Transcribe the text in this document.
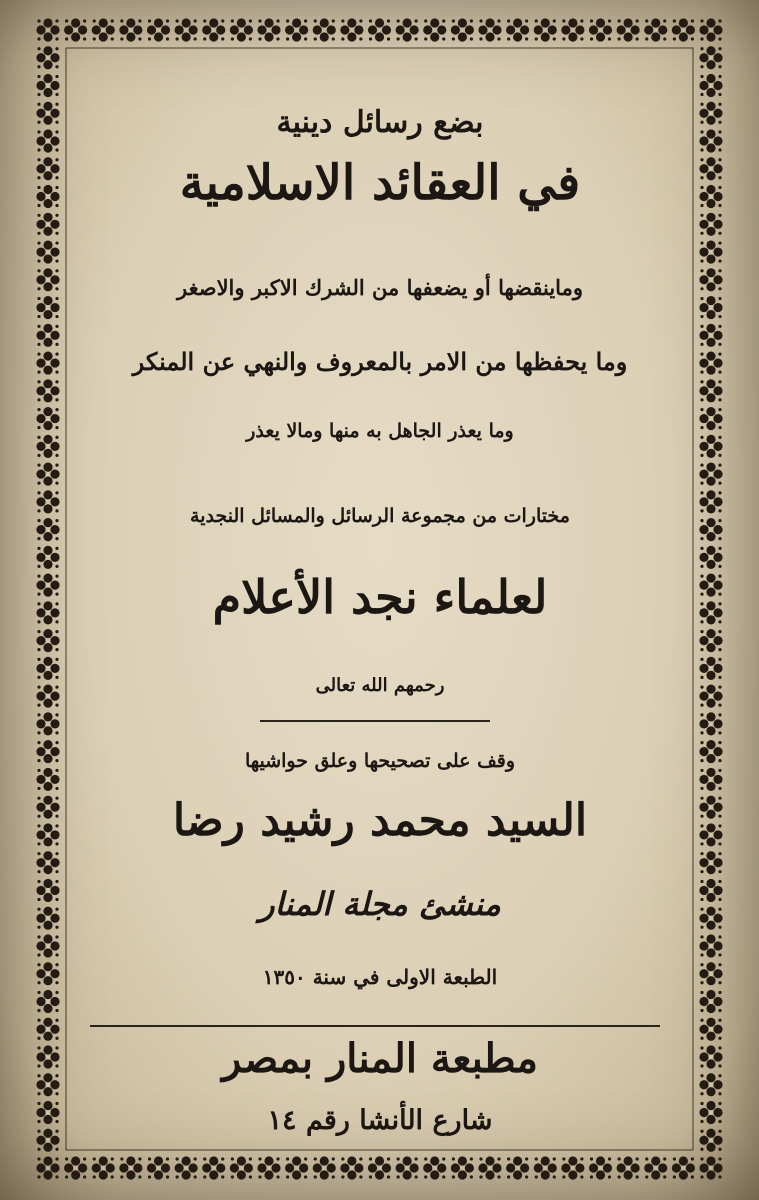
بضع رسائل دينية
في العقائد الاسلامية
وماينقضها أو يضعفها من الشرك الاكبر والاصغر
وما يحفظها من الامر بالمعروف والنهي عن المنكر
وما يعذر الجاهل به منها ومالا يعذر
مختارات من مجموعة الرسائل والمسائل النجدية
لعلماء نجد الأعلام
رحمهم الله تعالى
وقف على تصحيحها وعلق حواشيها
السيد محمد رشيد رضا
منشئ مجلة المنار
الطبعة الاولى في سنة ١٣٥٠
مطبعة المنار بمصر
شارع الأنشا رقم ١٤
